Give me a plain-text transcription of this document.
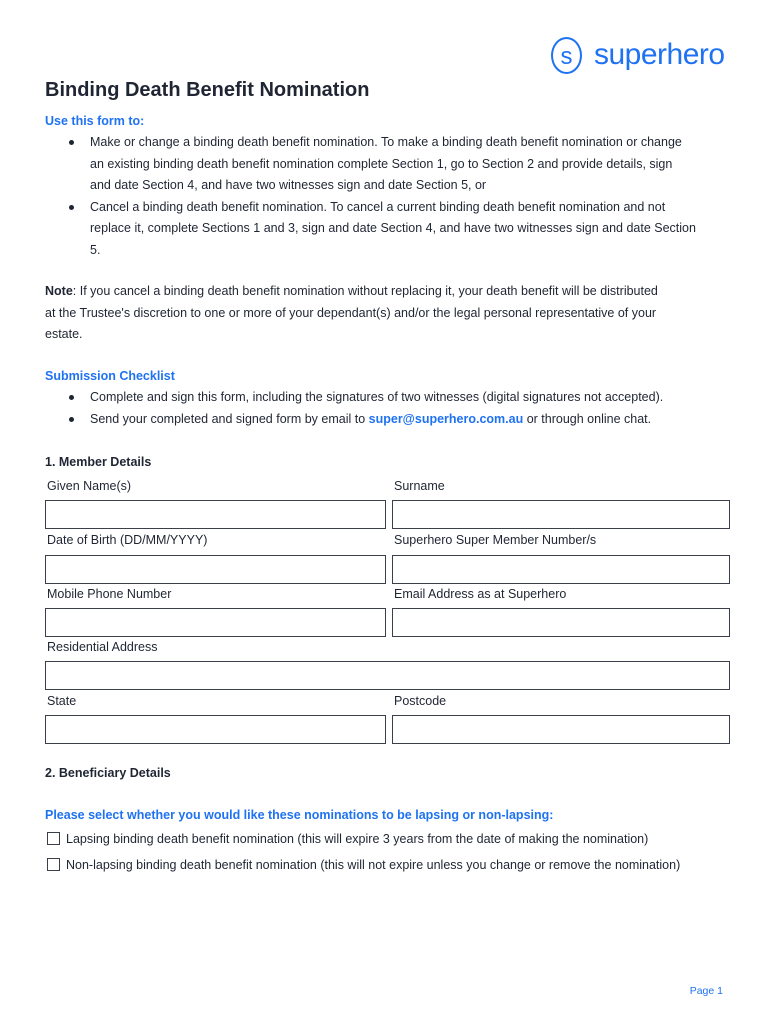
s superhero
Binding Death Benefit Nomination
Use this form to:
Make or change a binding death benefit nomination. To make a binding death benefit nomination or change
an existing binding death benefit nomination complete Section 1, go to Section 2 and provide details, sign
and date Section 4, and have two witnesses sign and date Section 5, or
Cancel a binding death benefit nomination. To cancel a current binding death benefit nomination and not
replace it, complete Sections 1 and 3, sign and date Section 4, and have two witnesses sign and date Section
5.
Note: If you cancel a binding death benefit nomination without replacing it, your death benefit will be distributed
at the Trustee's discretion to one or more of your dependant(s) and/or the legal personal representative of your
estate.
Submission Checklist
Complete and sign this form, including the signatures of two witnesses (digital signatures not accepted).
Send your completed and signed form by email to super@superhero.com.au or through online chat.
1. Member Details
Given Name(s)	Surname
Date of Birth (DD/MM/YYYY)	Superhero Super Member Number/s
Mobile Phone Number	Email Address as at Superhero
Residential Address
State	Postcode
2. Beneficiary Details
Please select whether you would like these nominations to be lapsing or non-lapsing:
Lapsing binding death benefit nomination (this will expire 3 years from the date of making the nomination)
Non-lapsing binding death benefit nomination (this will not expire unless you change or remove the nomination)
Page 1
